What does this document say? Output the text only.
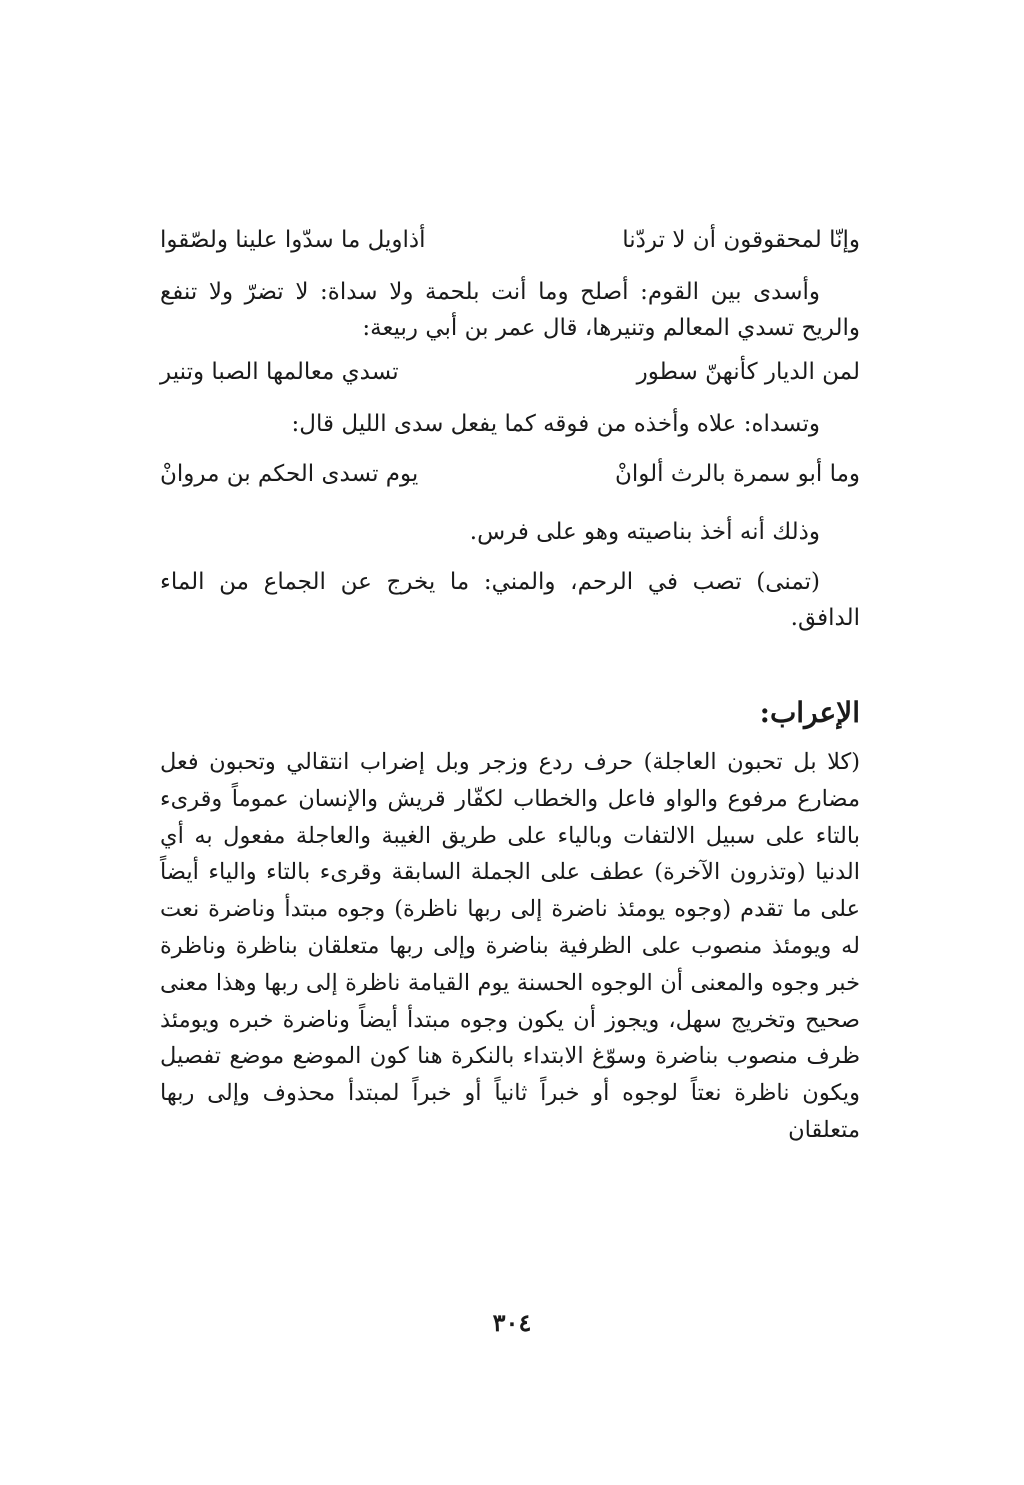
وإنّا لمحقوقون أن لا تردّنا
أذاويل ما سدّوا علينا ولصّقوا

وأسدى بين القوم: أصلح وما أنت بلحمة ولا سداة: لا تضرّ ولا تنفع والريح تسدي المعالم وتنيرها، قال عمر بن أبي ربيعة:

لمن الديار كأنهنّ سطور
تسدي معالمها الصبا وتنير

وتسداه: علاه وأخذه من فوقه كما يفعل سدى الليل قال:

وما أبو سمرة بالرث ألوانْ
يوم تسدى الحكم بن مروانْ

وذلك أنه أخذ بناصيته وهو على فرس.

(تمنى) تصب في الرحم، والمني: ما يخرج عن الجماع من الماء الدافق.

الإعراب:

(كلا بل تحبون العاجلة) حرف ردع وزجر وبل إضراب انتقالي وتحبون فعل مضارع مرفوع والواو فاعل والخطاب لكفّار قريش والإنسان عموماً وقرىء بالتاء على سبيل الالتفات وبالياء على طريق الغيبة والعاجلة مفعول به أي الدنيا (وتذرون الآخرة) عطف على الجملة السابقة وقرىء بالتاء والياء أيضاً على ما تقدم (وجوه يومئذ ناضرة إلى ربها ناظرة) وجوه مبتدأ وناضرة نعت له ويومئذ منصوب على الظرفية بناضرة وإلى ربها متعلقان بناظرة وناظرة خبر وجوه والمعنى أن الوجوه الحسنة يوم القيامة ناظرة إلى ربها وهذا معنى صحيح وتخريج سهل، ويجوز أن يكون وجوه مبتدأ أيضاً وناضرة خبره ويومئذ ظرف منصوب بناضرة وسوّغ الابتداء بالنكرة هنا كون الموضع موضع تفصيل ويكون ناظرة نعتاً لوجوه أو خبراً ثانياً أو خبراً لمبتدأ محذوف وإلى ربها متعلقان

٣٠٤
